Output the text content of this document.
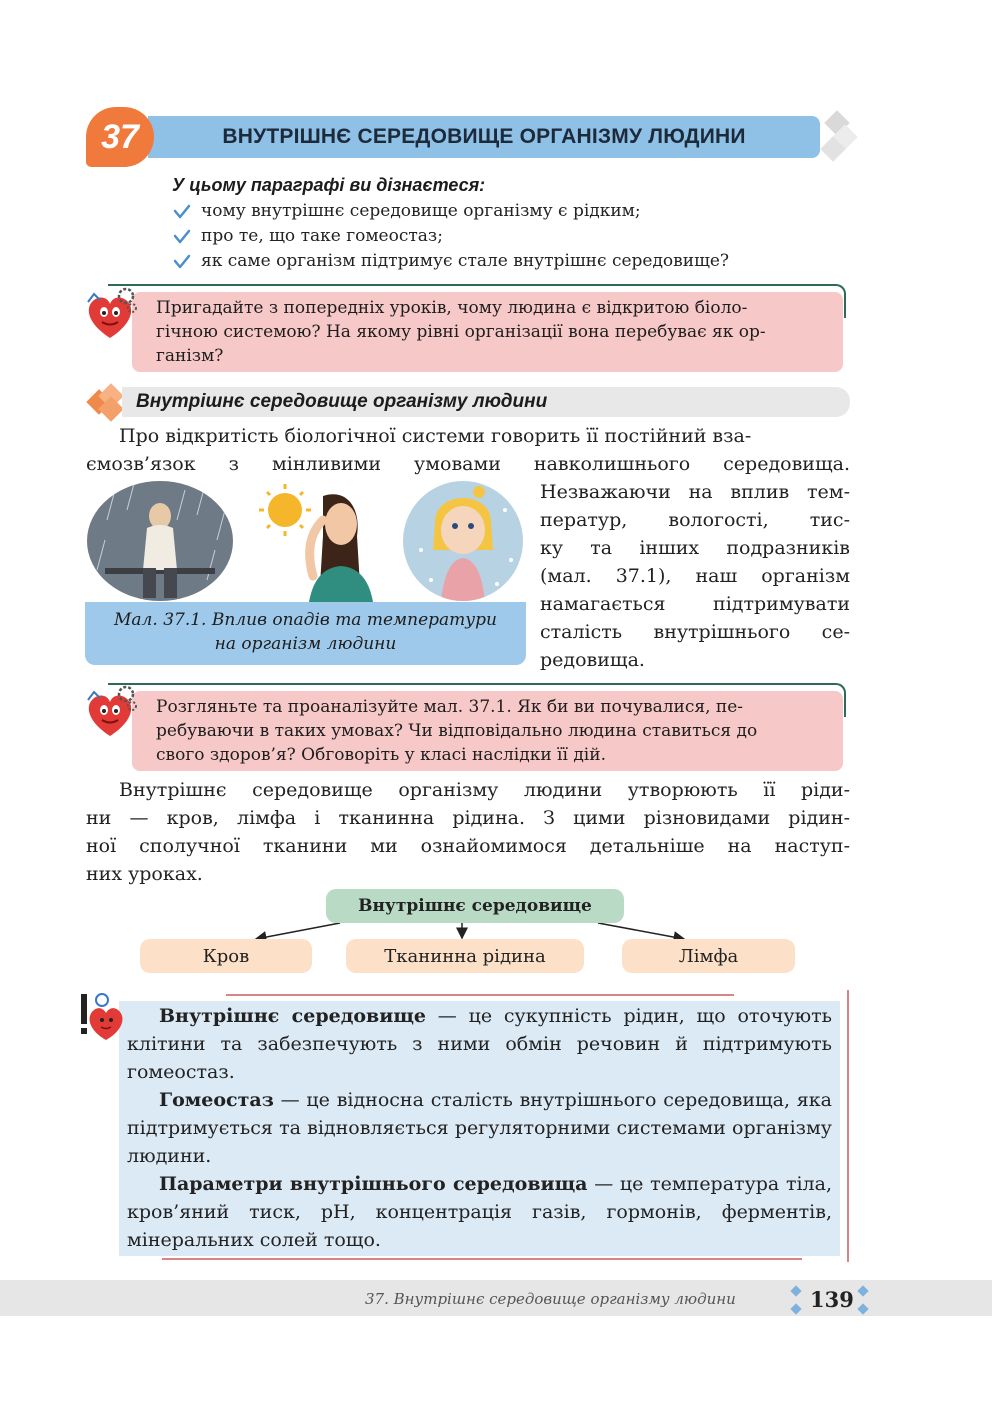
ВНУТРІШНЄ СЕРЕДОВИЩЕ ОРГАНІЗМУ ЛЮДИНИ
37
У цьому параграфі ви дізнаєтеся:
чому внутрішнє середовище організму є рідким;
про те, що таке гомеостаз;
як саме організм підтримує стале внутрішнє середовище?
Пригадайте з попередніх уроків, чому людина є відкритою біоло-
гічною системою? На якому рівні організації вона перебуває як ор-
ганізм?
Внутрішнє середовище організму людини
Про відкритість біологічної системи говорить її постійний вза-
ємозв’язок з мінливими умовами навколишнього середовища.
Мал. 37.1. Вплив опадів та температури
на організм людини
Незважаючи на вплив тем-
ператур, вологості, тис-
ку та інших подразників
(мал. 37.1), наш організм
намагається підтримувати
сталість внутрішнього се-
редовища.
Розгляньте та проаналізуйте мал. 37.1. Як би ви почувалися, пе-
ребуваючи в таких умовах? Чи відповідально людина ставиться до
свого здоров’я? Обговоріть у класі наслідки її дій.
Внутрішнє середовище організму людини утворюють її ріди-
ни — кров, лімфа і тканинна рідина. З цими різновидами рідин-
ної сполучної тканини ми ознайомимося детальніше на наступ-
них уроках.
Внутрішнє середовище
Кров	Тканинна рідина	Лімфа

Внутрішнє середовище — це сукупність рідин, що оточують клітини та забезпечують з ними обмін речовин й підтримують гомеостаз.

Гомеостаз — це відносна сталість внутрішнього середовища, яка підтримується та відновляється регуляторними системами організму людини.

Параметри внутрішнього середовища — це температура тіла, кров’яний тиск, pH, концентрація газів, гормонів, ферментів, мінеральних солей тощо.

37. Внутрішнє середовище організму людини	139
